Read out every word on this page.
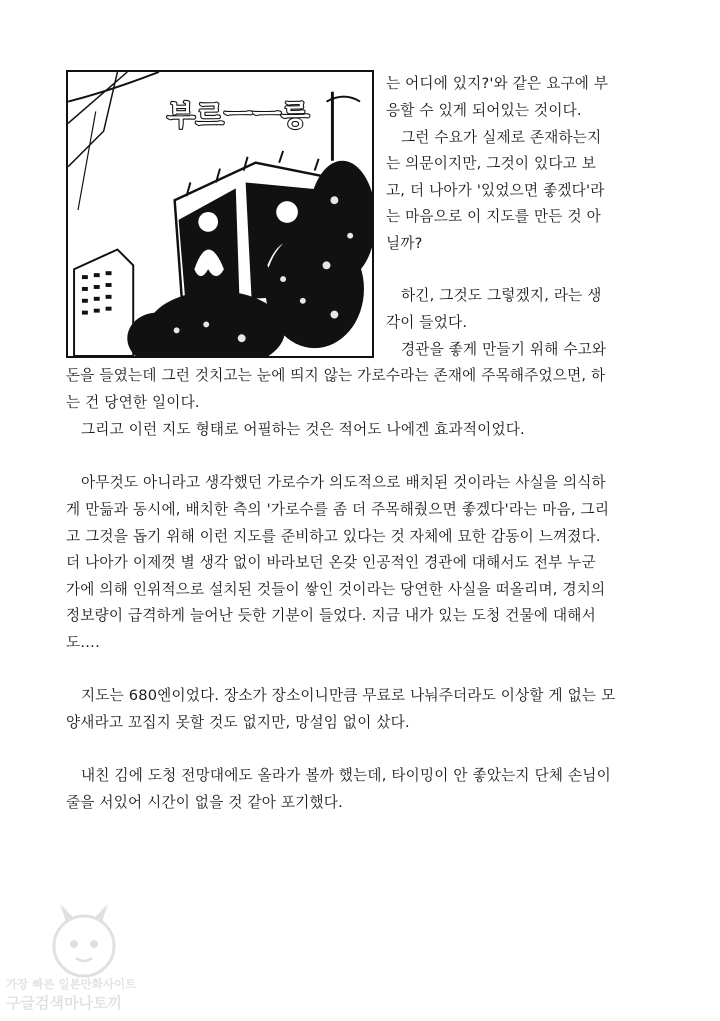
부르ㅡㅡ릉
는 어디에 있지?'와 같은 요구에 부
응할 수 있게 되어있는 것이다.
그런 수요가 실제로 존재하는지
는 의문이지만, 그것이 있다고 보
고, 더 나아가 '있었으면 좋겠다'라
는 마음으로 이 지도를 만든 것 아
닐까?
하긴, 그것도 그렇겠지, 라는 생
각이 들었다.
경관을 좋게 만들기 위해 수고와
돈을 들였는데 그런 것치고는 눈에 띄지 않는 가로수라는 존재에 주목해주었으면, 하
는 건 당연한 일이다.
그리고 이런 지도 형태로 어필하는 것은 적어도 나에겐 효과적이었다.
아무것도 아니라고 생각했던 가로수가 의도적으로 배치된 것이라는 사실을 의식하
게 만듦과 동시에, 배치한 측의 '가로수를 좀 더 주목해줬으면 좋겠다'라는 마음, 그리
고 그것을 돕기 위해 이런 지도를 준비하고 있다는 것 자체에 묘한 감동이 느껴졌다.
더 나아가 이제껏 별 생각 없이 바라보던 온갖 인공적인 경관에 대해서도 전부 누군
가에 의해 인위적으로 설치된 것들이 쌓인 것이라는 당연한 사실을 떠올리며, 경치의
정보량이 급격하게 늘어난 듯한 기분이 들었다. 지금 내가 있는 도청 건물에 대해서
도….
지도는 680엔이었다. 장소가 장소이니만큼 무료로 나눠주더라도 이상할 게 없는 모
양새라고 꼬집지 못할 것도 없지만, 망설임 없이 샀다.
내친 김에 도청 전망대에도 올라가 볼까 했는데, 타이밍이 안 좋았는지 단체 손님이
줄을 서있어 시간이 없을 것 같아 포기했다.
가장 빠른 일본만화사이트
구글검색마나토끼
